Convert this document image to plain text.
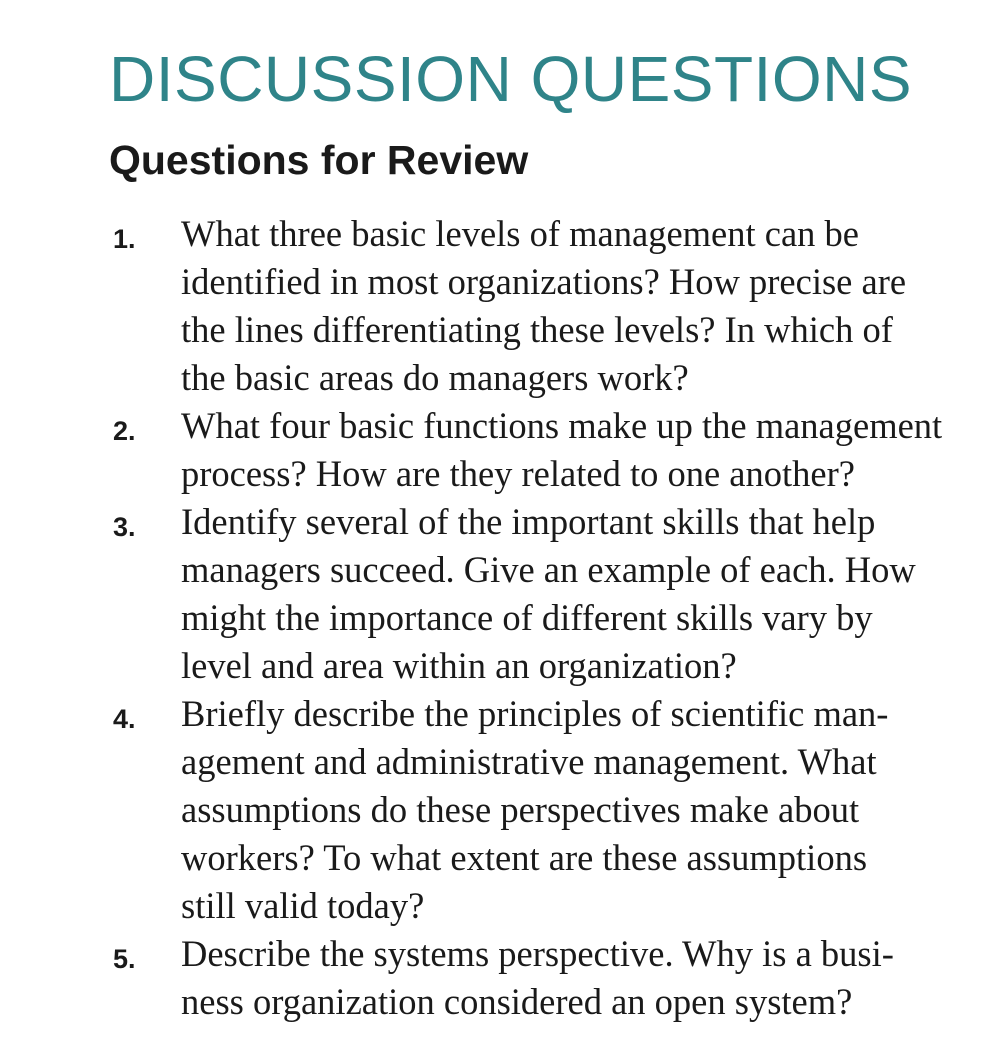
DISCUSSION QUESTIONS
Questions for Review
1. What three basic levels of management can be
identified in most organizations? How precise are
the lines differentiating these levels? In which of
the basic areas do managers work?
2. What four basic functions make up the management
process? How are they related to one another?
3. Identify several of the important skills that help
managers succeed. Give an example of each. How
might the importance of different skills vary by
level and area within an organization?
4. Briefly describe the principles of scientific man-
agement and administrative management. What
assumptions do these perspectives make about
workers? To what extent are these assumptions
still valid today?
5. Describe the systems perspective. Why is a busi-
ness organization considered an open system?
